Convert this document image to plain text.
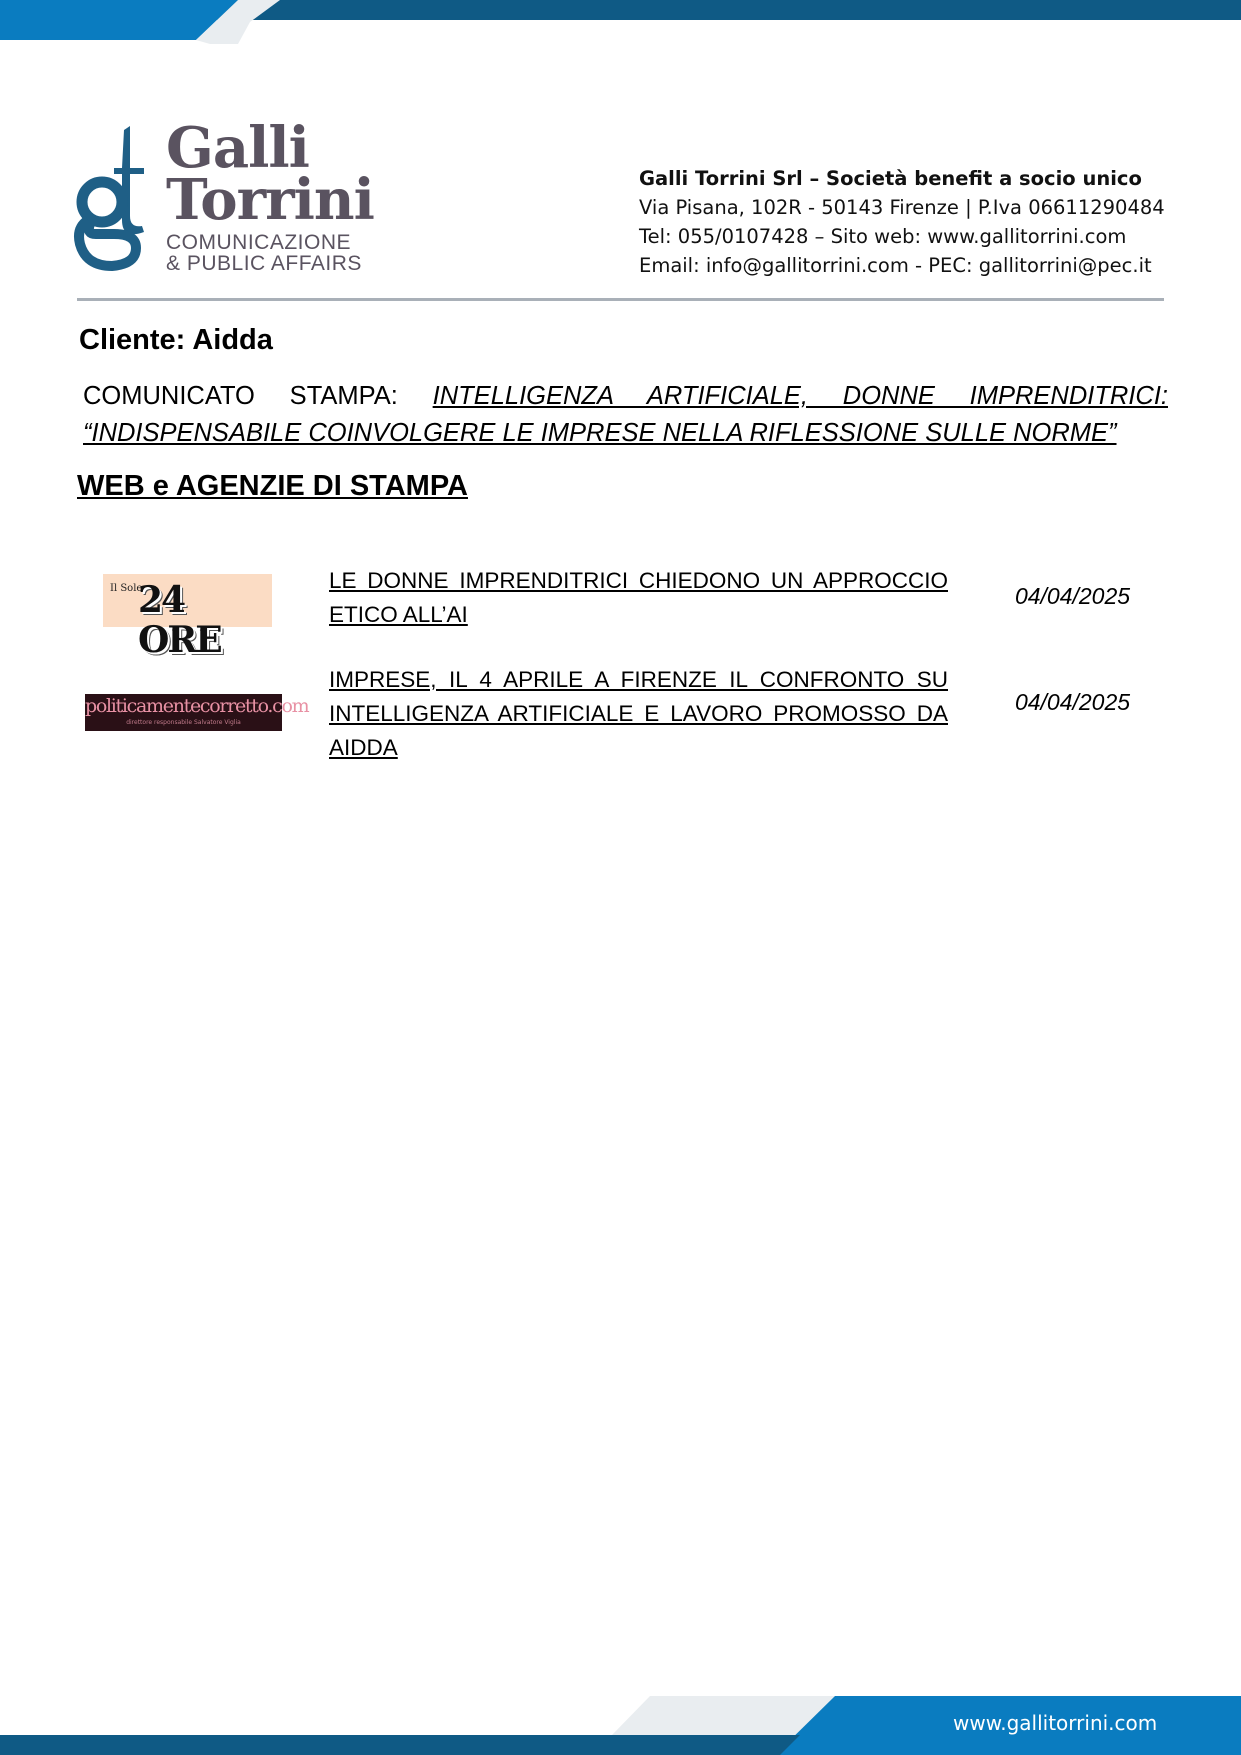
Galli
Torrini
COMUNICAZIONE
& PUBLIC AFFAIRS
Galli Torrini Srl – Società benefit a socio unico
Via Pisana, 102R - 50143 Firenze | P.Iva 06611290484
Tel: 055/0107428 – Sito web: www.gallitorrini.com
Email: info@gallitorrini.com - PEC: gallitorrini@pec.it
Cliente: Aidda
COMUNICATO STAMPA: INTELLIGENZA ARTIFICIALE, DONNE IMPRENDITRICI: “INDISPENSABILE COINVOLGERE LE IMPRESE NELLA RIFLESSIONE SULLE NORME”
WEB e AGENZIE DI STAMPA
Il Sole
24 ORE
LE DONNE IMPRENDITRICI CHIEDONO UN APPROCCIO ETICO ALL’AI
04/04/2025
politicamentecorretto.com
direttore responsabile Salvatore Viglia
IMPRESE, IL 4 APRILE A FIRENZE IL CONFRONTO SU INTELLIGENZA ARTIFICIALE E LAVORO PROMOSSO DA AIDDA
04/04/2025
www.gallitorrini.com
